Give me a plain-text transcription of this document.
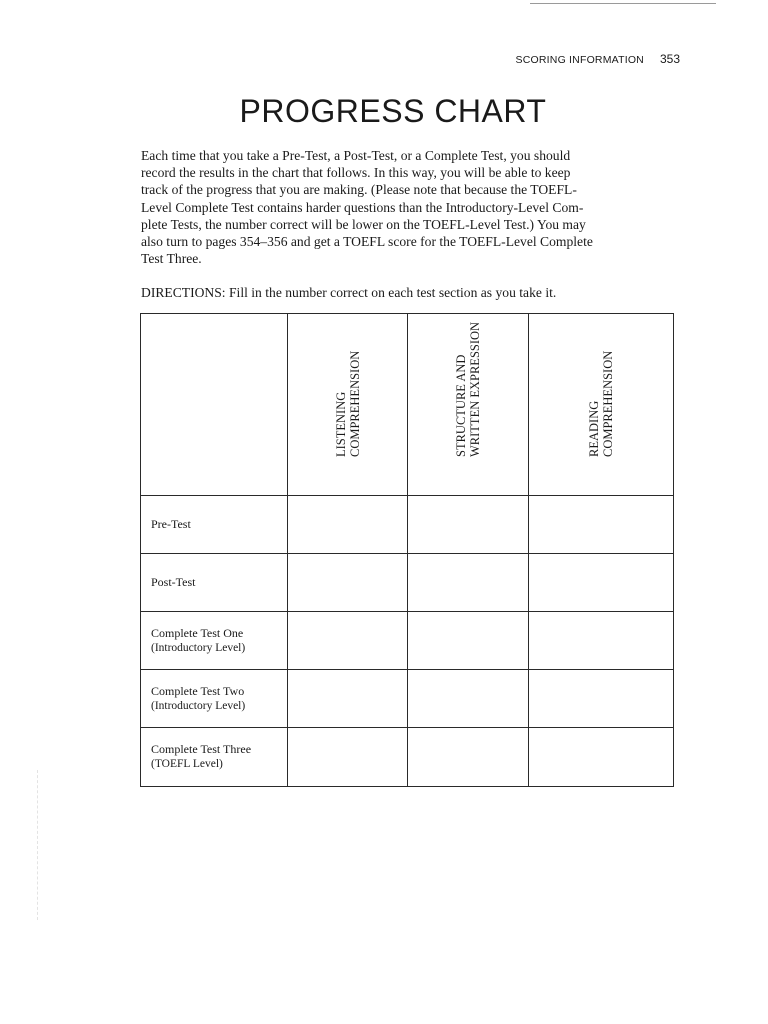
SCORING INFORMATION 353
PROGRESS CHART

Each time that you take a Pre-Test, a Post-Test, or a Complete Test, you should
record the results in the chart that follows. In this way, you will be able to keep
track of the progress that you are making. (Please note that because the TOEFL-
Level Complete Test contains harder questions than the Introductory-Level Com-
plete Tests, the number correct will be lower on the TOEFL-Level Test.) You may
also turn to pages 354–356 and get a TOEFL score for the TOEFL-Level Complete
Test Three.

DIRECTIONS: Fill in the number correct on each test section as you take it.

	LISTENING COMPREHENSION	STRUCTURE AND WRITTEN EXPRESSION	READING COMPREHENSION

Pre-Test			

Post-Test			

Complete Test One
(Introductory Level)			

Complete Test Two
(Introductory Level)			

Complete Test Three
(TOEFL Level)			
